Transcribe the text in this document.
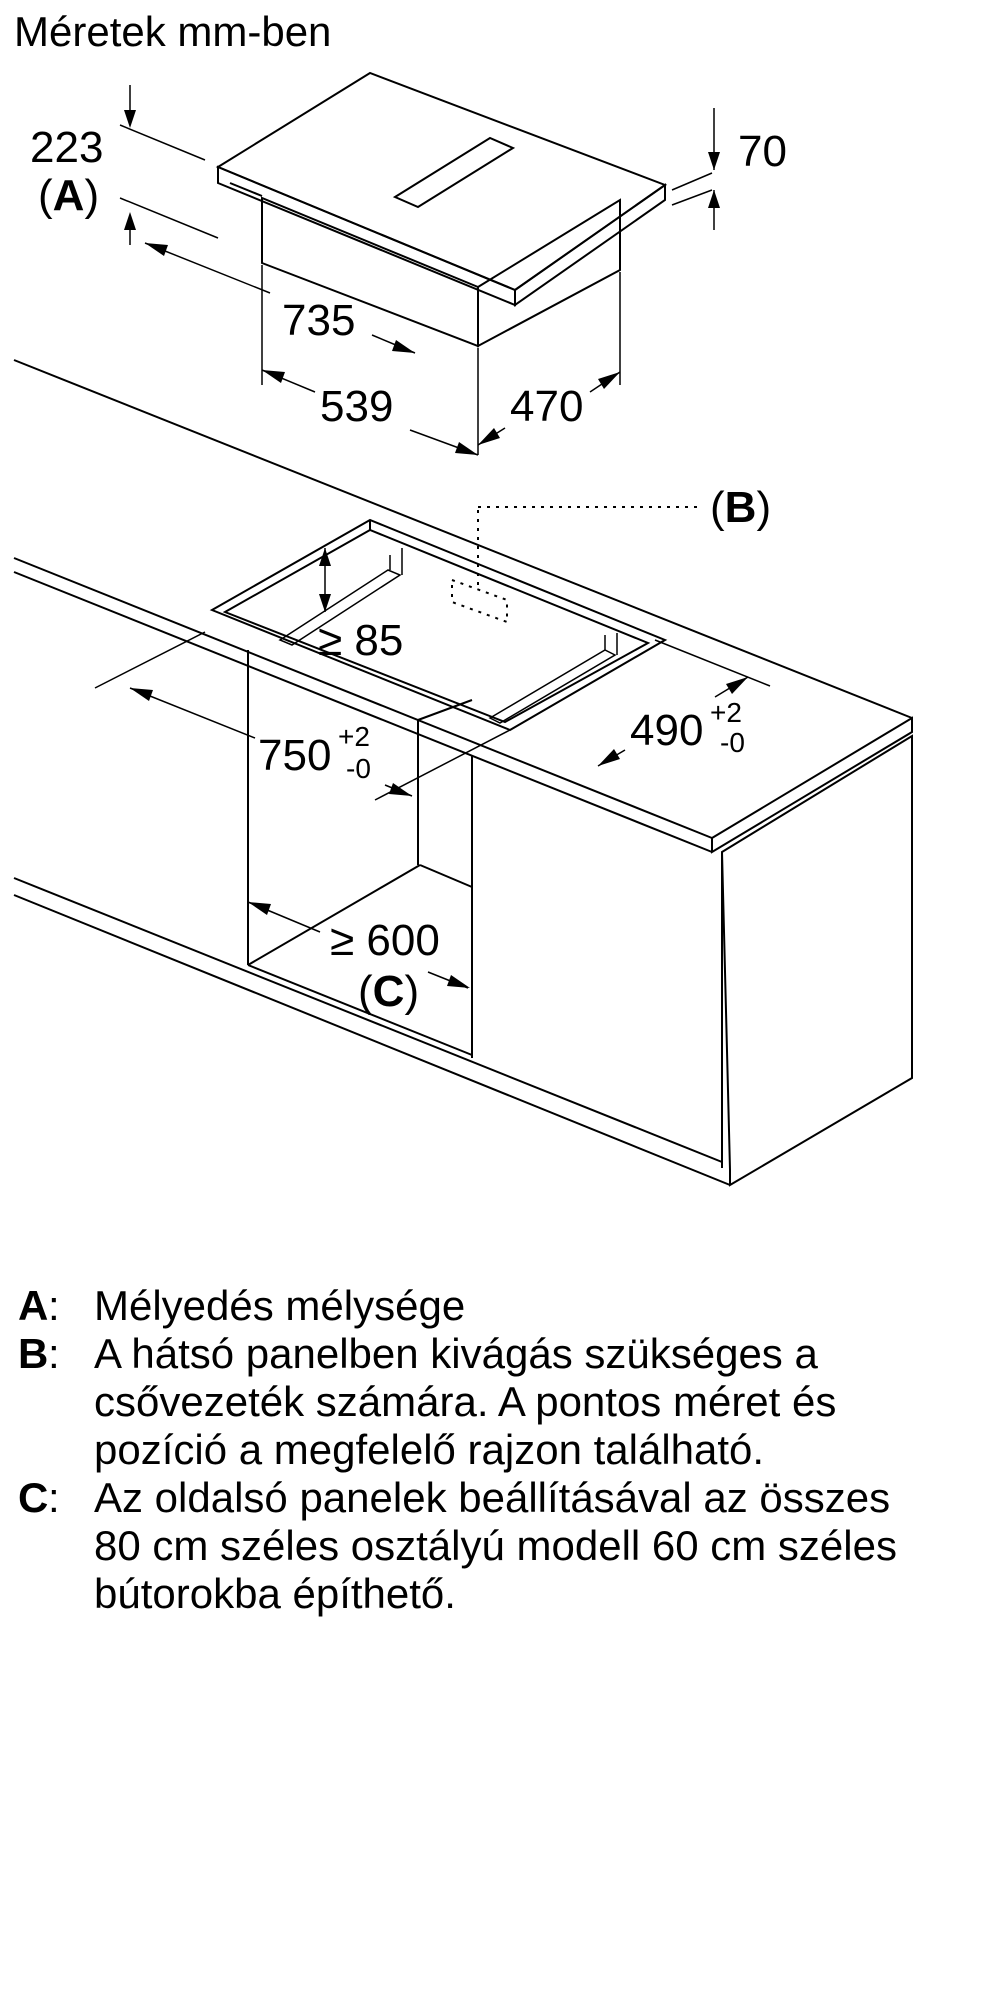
Méretek mm-ben
223
(A)
70
735
539	470
(B)
≥ 85
490 +2
-0
750 +2
-0
≥ 600
(C)
A : Mélyedés mélysége
B : A hátsó panelben kivágás szükséges a
csővezeték számára. A pontos méret és
pozíció a megfelelő rajzon található.
C : Az oldalsó panelek beállításával az összes
80 cm széles osztályú modell 60 cm széles
bútorokba építhető.
